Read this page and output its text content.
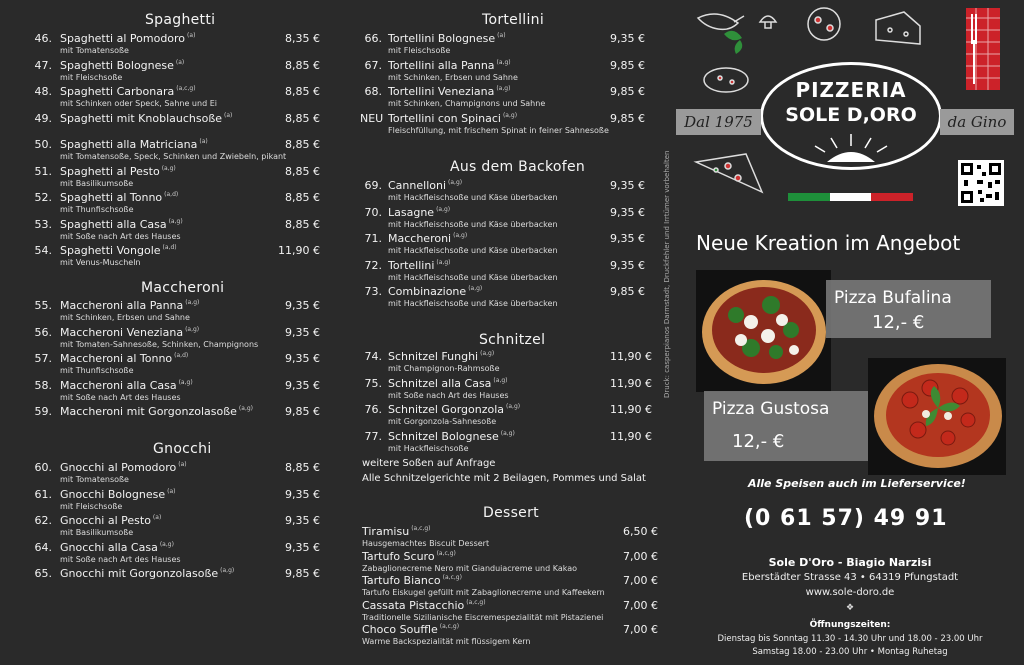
Spaghetti
46. Spaghetti al Pomodoro $^{(a)}$	8,35 €
mit Tomatensoße
47. Spaghetti Bolognese $^{(a)}$	8,85 €
mit Fleischsoße
48. Spaghetti Carbonara $^{(a,c,g)}$	8,85 €
mit Schinken oder Speck, Sahne und Ei
49. Spaghetti mit Knoblauchsoße $^{(a)}$	8,85 €
50. Spaghetti alla Matriciana $^{(a)}$	8,85 €
mit Tomatensoße, Speck, Schinken und Zwiebeln, pikant
51. Spaghetti al Pesto $^{(a,g)}$	8,85 €
mit Basilikumsoße
52. Spaghetti al Tonno $^{(a,d)}$	8,85 €
mit Thunfischsoße
53. Spaghetti alla Casa $^{(a,g)}$	8,85 €
mit Soße nach Art des Hauses
54. Spaghetti Vongole $^{(a,d)}$	11,90 €
mit Venus-Muscheln
Maccheroni
55. Maccheroni alla Panna $^{(a,g)}$	9,35 €
mit Schinken, Erbsen und Sahne
56. Maccheroni Veneziana $^{(a,g)}$	9,35 €
mit Tomaten-Sahnesoße, Schinken, Champignons
57. Maccheroni al Tonno $^{(a,d)}$	9,35 €
mit Thunfischsoße
58. Maccheroni alla Casa $^{(a,g)}$	9,35 €
mit Soße nach Art des Hauses
59. Maccheroni mit Gorgonzolasoße $^{(a,g)}$	9,85 €
Gnocchi
60. Gnocchi al Pomodoro $^{(a)}$	8,85 €
mit Tomatensoße
61. Gnocchi Bolognese $^{(a)}$	9,35 €
mit Fleischsoße
62. Gnocchi al Pesto $^{(a)}$	9,35 €
mit Basilikumsoße
64. Gnocchi alla Casa $^{(a,g)}$	9,35 €
mit Soße nach Art des Hauses
65. Gnocchi mit Gorgonzolasoße $^{(a,g)}$	9,85 €
Tortellini
66. Tortellini Bolognese $^{(a)}$	9,35 €
mit Fleischsoße
67. Tortellini alla Panna $^{(a,g)}$	9,85 €
mit Schinken, Erbsen und Sahne
68. Tortellini Veneziana $^{(a,g)}$	9,85 €
mit Schinken, Champignons und Sahne
NEU Tortellini con Spinaci $^{(a,g)}$	9,85 €
Fleischfüllung, mit frischem Spinat in feiner Sahnesoße
Aus dem Backofen
69. Cannelloni $^{(a,g)}$	9,35 €
mit Hackfleischsoße und Käse überbacken
70. Lasagne $^{(a,g)}$	9,35 €
mit Hackfleischsoße und Käse überbacken
71. Maccheroni $^{(a,g)}$	9,35 €
mit Hackfleischsoße und Käse überbacken
72. Tortellini $^{(a,g)}$	9,35 €
mit Hackfleischsoße und Käse überbacken
73. Combinazione $^{(a,g)}$	9,85 €
mit Hackfleischsoße und Käse überbacken
Schnitzel
74. Schnitzel Funghi $^{(a,g)}$	11,90 €
mit Champignon-Rahmsoße
75. Schnitzel alla Casa $^{(a,g)}$	11,90 €
mit Soße nach Art des Hauses
76. Schnitzel Gorgonzola $^{(a,g)}$	11,90 €
mit Gorgonzola-Sahnesoße
77. Schnitzel Bolognese $^{(a,g)}$	11,90 €
mit Hackfleischsoße
weitere Soßen auf Anfrage
Alle Schnitzelgerichte mit 2 Beilagen, Pommes und Salat
Dessert
Tiramisu $^{(a,c,g)}$	6,50 €
Hausgemachtes Biscuit Dessert
Tartufo Scuro $^{(a,c,g)}$	7,00 €
Zabaglionecreme Nero mit Gianduiacreme und Kakao
Tartufo Bianco $^{(a,c,g)}$	7,00 €
Tartufo Eiskugel gefüllt mit Zabaglionecreme und Kaffeekern
Cassata Pistacchio $^{(a,c,g)}$	7,00 €
Traditionelle Sizilianische Eiscremespezialität mit Pistazienei
Choco Souffle $^{(a,c,g)}$	7,00 €
Warme Backspezialität mit flüssigem Kern
Druck: casperpianos Darmstadt, Druckfehler und Irrtümer vorbehalten
PIZZERIA
SOLE D,ORO
Dal 1975	da Gino
Neue Kreation im Angebot
Pizza Bufalina
12,- €
Pizza Gustosa
12,- €
Alle Speisen auch im Lieferservice!
(0 61 57) 49 91
Sole D'Oro - Biagio Narzisi
Eberstädter Strasse 43 • 64319 Pfungstadt
www.sole-doro.de
❖
Öffnungszeiten:
Dienstag bis Sonntag 11.30 - 14.30 Uhr und 18.00 - 23.00 Uhr
Samstag 18.00 - 23.00 Uhr • Montag Ruhetag
